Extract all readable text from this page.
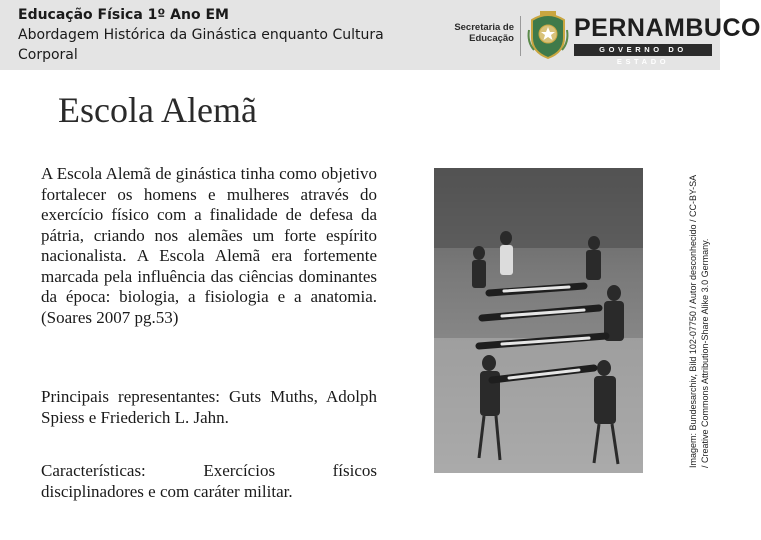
Educação Física 1º Ano EM
Abordagem Histórica da Ginástica enquanto Cultura
Corporal
Secretaria de
Educação PERNAMBUCO
GOVERNO DO ESTADO
Escola Alemã

A Escola Alemã de ginástica tinha como objetivo fortalecer os homens e mulheres através do exercício físico com a finalidade de defesa da pátria, criando nos alemães um forte espírito nacionalista. A Escola Alemã era fortemente marcada pela influência das ciências dominantes da época: biologia, a fisiologia e a anatomia. (Soares 2007 pg.53)

Principais representantes: Guts Muths, Adolph Spiess e Friederich L. Jahn.

Características: Exercícios físicos disciplinadores e com caráter militar.

Imagem: Bundesarchiv, Bild 102-07750 / Autor desconhecido / CC-BY-SA / Creative Commons Attribution-Share Alike 3.0 Germany.
